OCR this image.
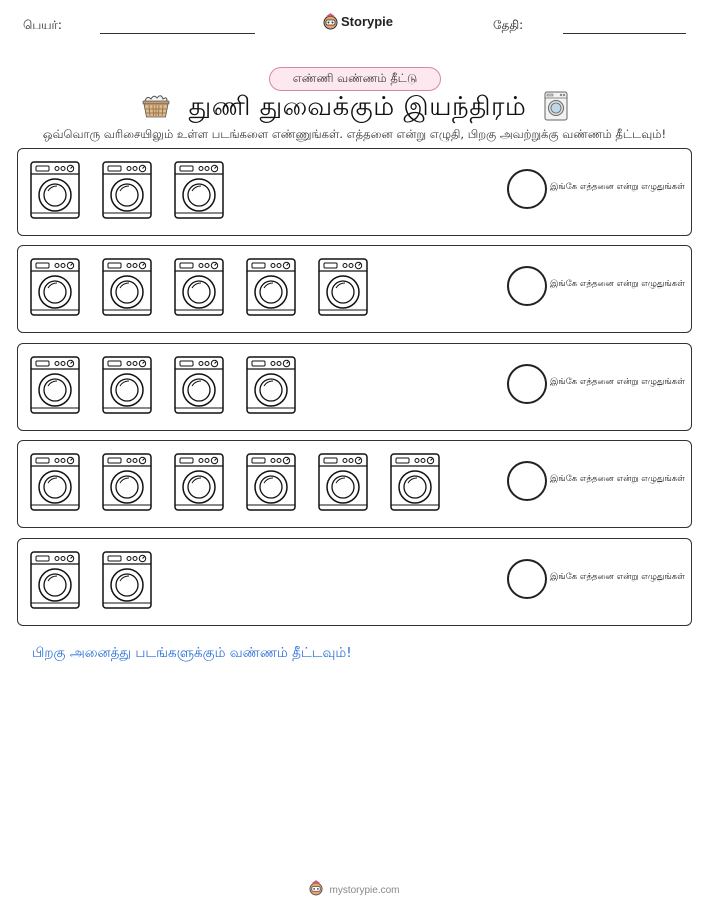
பெயர்:	Storypie	தேதி:
எண்ணி வண்ணம் தீட்டு
துணி துவைக்கும் இயந்திரம்

ஒவ்வொரு வரிசையிலும் உள்ள படங்களை எண்ணுங்கள். எத்தனை என்று எழுதி, பிறகு அவற்றுக்கு வண்ணம் தீட்டவும்!

இங்கே எத்தனை என்று எழுதுங்கள்
இங்கே எத்தனை என்று எழுதுங்கள்
இங்கே எத்தனை என்று எழுதுங்கள்
இங்கே எத்தனை என்று எழுதுங்கள்
இங்கே எத்தனை என்று எழுதுங்கள்

பிறகு அனைத்து படங்களுக்கும் வண்ணம் தீட்டவும்!

mystorypie.com
